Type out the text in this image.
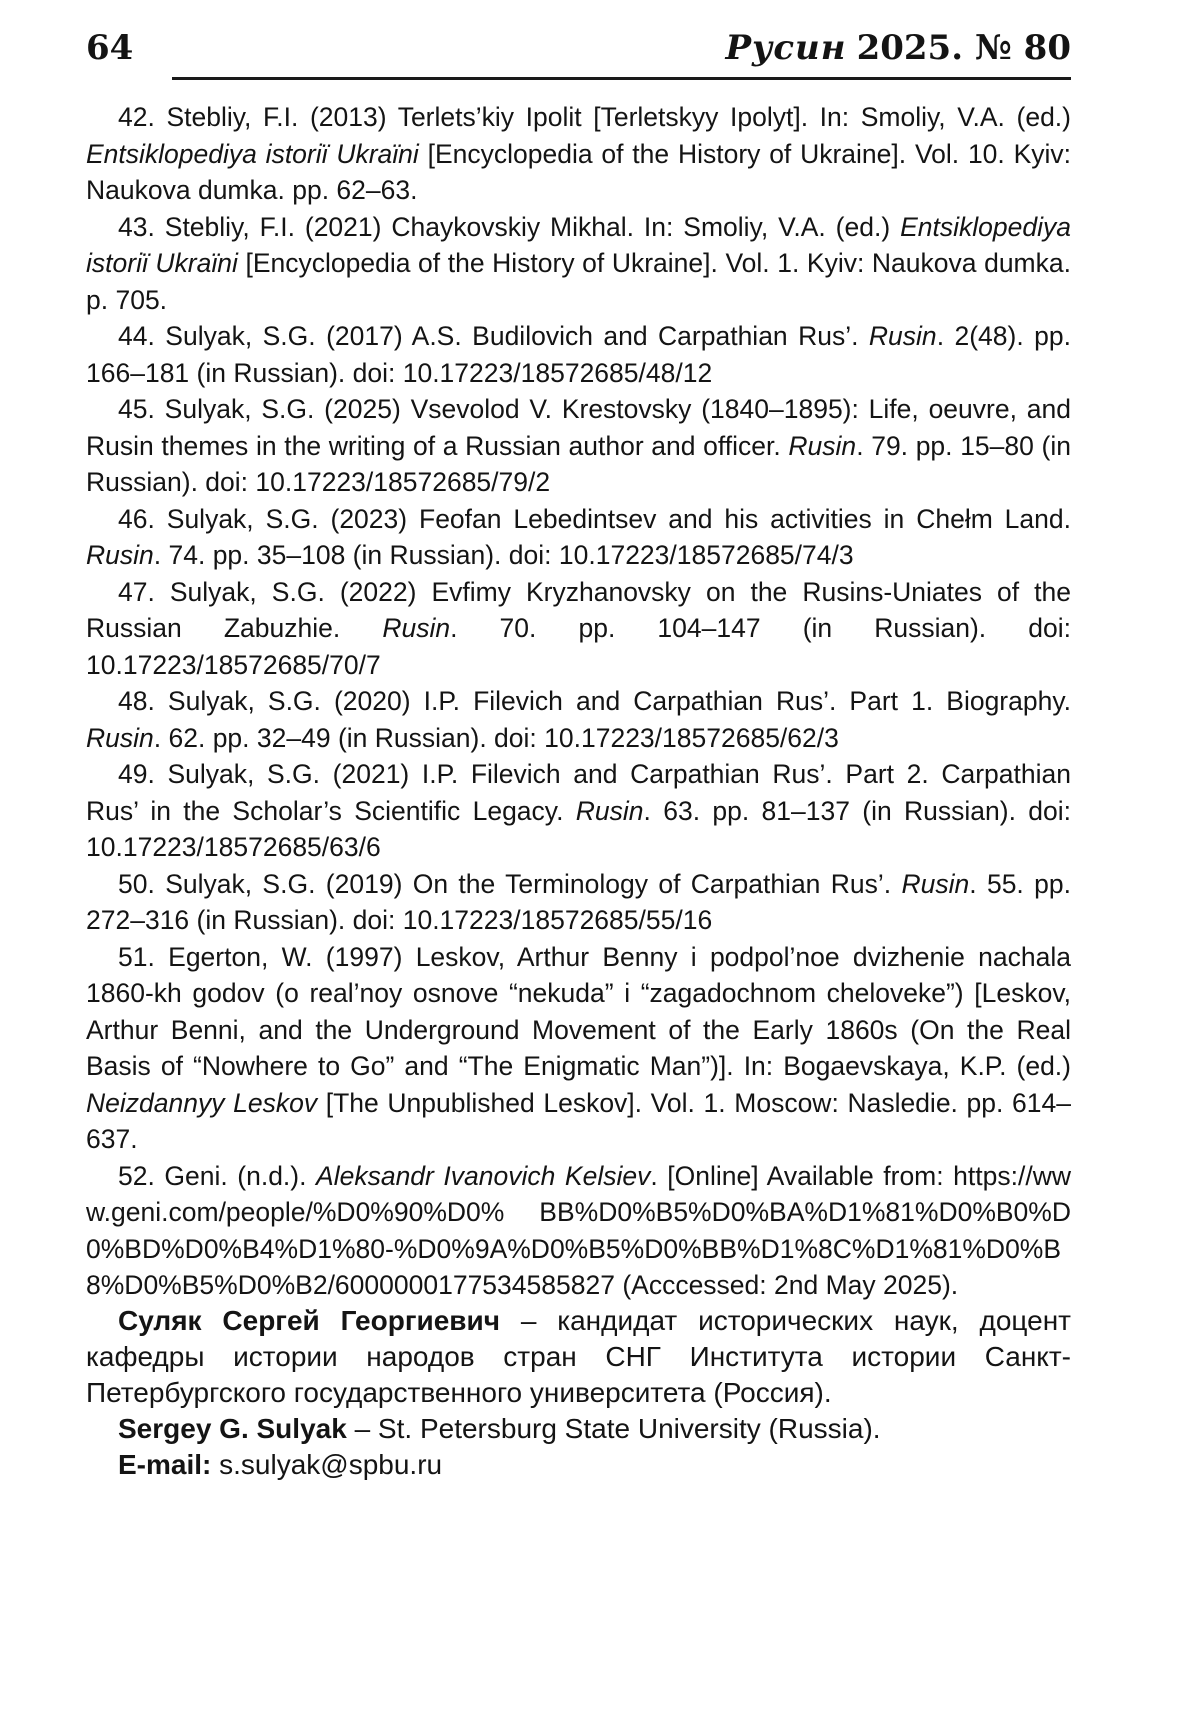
64	Русин 2025. № 80

42. Stebliy, F.I. (2013) Terlets’kiy Ipolit [Terletskyy Ipolyt]. In: Smoliy, V.A. (ed.) Entsiklopediya istoriї Ukraїni [Encyclopedia of the History of Ukraine]. Vol. 10. Kyiv: Naukova dumka. pp. 62–63.

43. Stebliy, F.I. (2021) Chaykovskiy Mikhal. In: Smoliy, V.A. (ed.) Entsiklopediya istoriї Ukraїni [Encyclopedia of the History of Ukraine]. Vol. 1. Kyiv: Naukova dumka. p. 705.

44. Sulyak, S.G. (2017) A.S. Budilovich and Carpathian Rus’. Rusin. 2(48). pp. 166–181 (in Russian). doi: 10.17223/18572685/48/12

45. Sulyak, S.G. (2025) Vsevolod V. Krestovsky (1840–1895): Life, oeuvre, and Rusin themes in the writing of a Russian author and officer. Rusin. 79. pp. 15–80 (in Russian). doi: 10.17223/18572685/79/2

46. Sulyak, S.G. (2023) Feofan Lebedintsev and his activities in Chełm Land. Rusin. 74. pp. 35–108 (in Russian). doi: 10.17223/18572685/74/3

47. Sulyak, S.G. (2022) Evfimy Kryzhanovsky on the Rusins-Uniates of the Russian Zabuzhie. Rusin. 70. pp. 104–147 (in Russian). doi: 10.17223/18572685/70/7

48. Sulyak, S.G. (2020) I.P. Filevich and Carpathian Rus’. Part 1. Biography. Rusin. 62. pp. 32–49 (in Russian). doi: 10.17223/18572685/62/3

49. Sulyak, S.G. (2021) I.P. Filevich and Carpathian Rus’. Part 2. Carpathian Rus’ in the Scholar’s Scientific Legacy. Rusin. 63. pp. 81–137 (in Russian). doi: 10.17223/18572685/63/6

50. Sulyak, S.G. (2019) On the Terminology of Carpathian Rus’. Rusin. 55. pp. 272–316 (in Russian). doi: 10.17223/18572685/55/16

51. Egerton, W. (1997) Leskov, Arthur Benny i podpol’noe dvizhenie nachala 1860-kh godov (o real’noy osnove “nekuda” i “zagadochnom cheloveke”) [Leskov, Arthur Benni, and the Underground Movement of the Early 1860s (On the Real Basis of “Nowhere to Go” and “The Enigmatic Man”)]. In: Bogaevskaya, K.P. (ed.) Neizdannyy Leskov [The Unpublished Leskov]. Vol. 1. Moscow: Nasledie. pp. 614–637.

52. Geni. (n.d.). Aleksandr Ivanovich Kelsiev. [Online] Available from: https://www.geni.com/people/%D0%90%D0% BB%D0%B5%D0%BA%D1%81%D0%B0%D0%BD%D0%B4%D1%80-%D0%9A%D0%B5%D0%BB%D1%8C%D1%81%D0%B8%D0%B5%D0%B2/6000000177534585827 (Acccessed: 2nd May 2025).

Суляк Сергей Георгиевич – кандидат исторических наук, доцент кафедры истории народов стран СНГ Института истории Санкт-Петербургского государственного университета (Россия).

Sergey G. Sulyak – St. Petersburg State University (Russia).

E-mail: s.sulyak@spbu.ru
